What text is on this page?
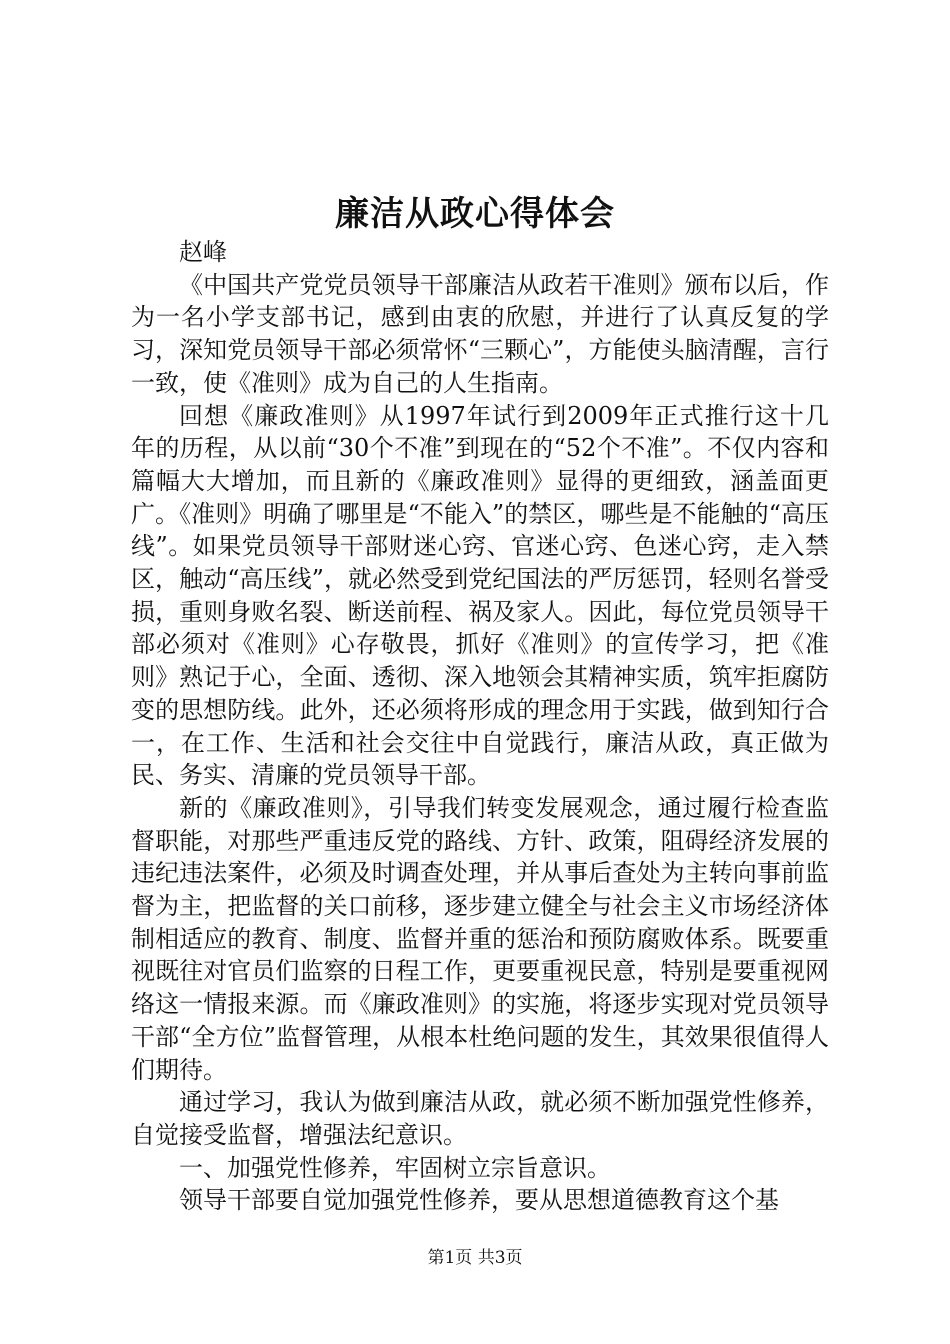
廉洁从政心得体会

赵峰

《中国共产党党员领导干部廉洁从政若干准则》颁布以后，作为一名小学支部书记，感到由衷的欣慰，并进行了认真反复的学习，深知党员领导干部必须常怀“三颗心”，方能使头脑清醒，言行一致，使《准则》成为自己的人生指南。

回想《廉政准则》从1997年试行到2009年正式推行这十几年的历程，从以前“30个不准”到现在的“52个不准”。不仅内容和篇幅大大增加，而且新的《廉政准则》显得的更细致，涵盖面更广。《准则》明确了哪里是“不能入”的禁区，哪些是不能触的“高压线”。如果党员领导干部财迷心窍、官迷心窍、色迷心窍，走入禁区，触动“高压线”，就必然受到党纪国法的严厉惩罚，轻则名誉受损，重则身败名裂、断送前程、祸及家人。因此，每位党员领导干部必须对《准则》心存敬畏，抓好《准则》的宣传学习，把《准则》熟记于心，全面、透彻、深入地领会其精神实质，筑牢拒腐防变的思想防线。此外，还必须将形成的理念用于实践，做到知行合一，在工作、生活和社会交往中自觉践行，廉洁从政，真正做为民、务实、清廉的党员领导干部。

新的《廉政准则》，引导我们转变发展观念，通过履行检查监督职能，对那些严重违反党的路线、方针、政策，阻碍经济发展的违纪违法案件，必须及时调查处理，并从事后查处为主转向事前监督为主，把监督的关口前移，逐步建立健全与社会主义市场经济体制相适应的教育、制度、监督并重的惩治和预防腐败体系。既要重视既往对官员们监察的日程工作，更要重视民意，特别是要重视网络这一情报来源。而《廉政准则》的实施，将逐步实现对党员领导干部“全方位”监督管理，从根本杜绝问题的发生，其效果很值得人们期待。

通过学习，我认为做到廉洁从政，就必须不断加强党性修养，自觉接受监督，增强法纪意识。

一、加强党性修养，牢固树立宗旨意识。

领导干部要自觉加强党性修养，要从思想道德教育这个基

第1页 共3页
